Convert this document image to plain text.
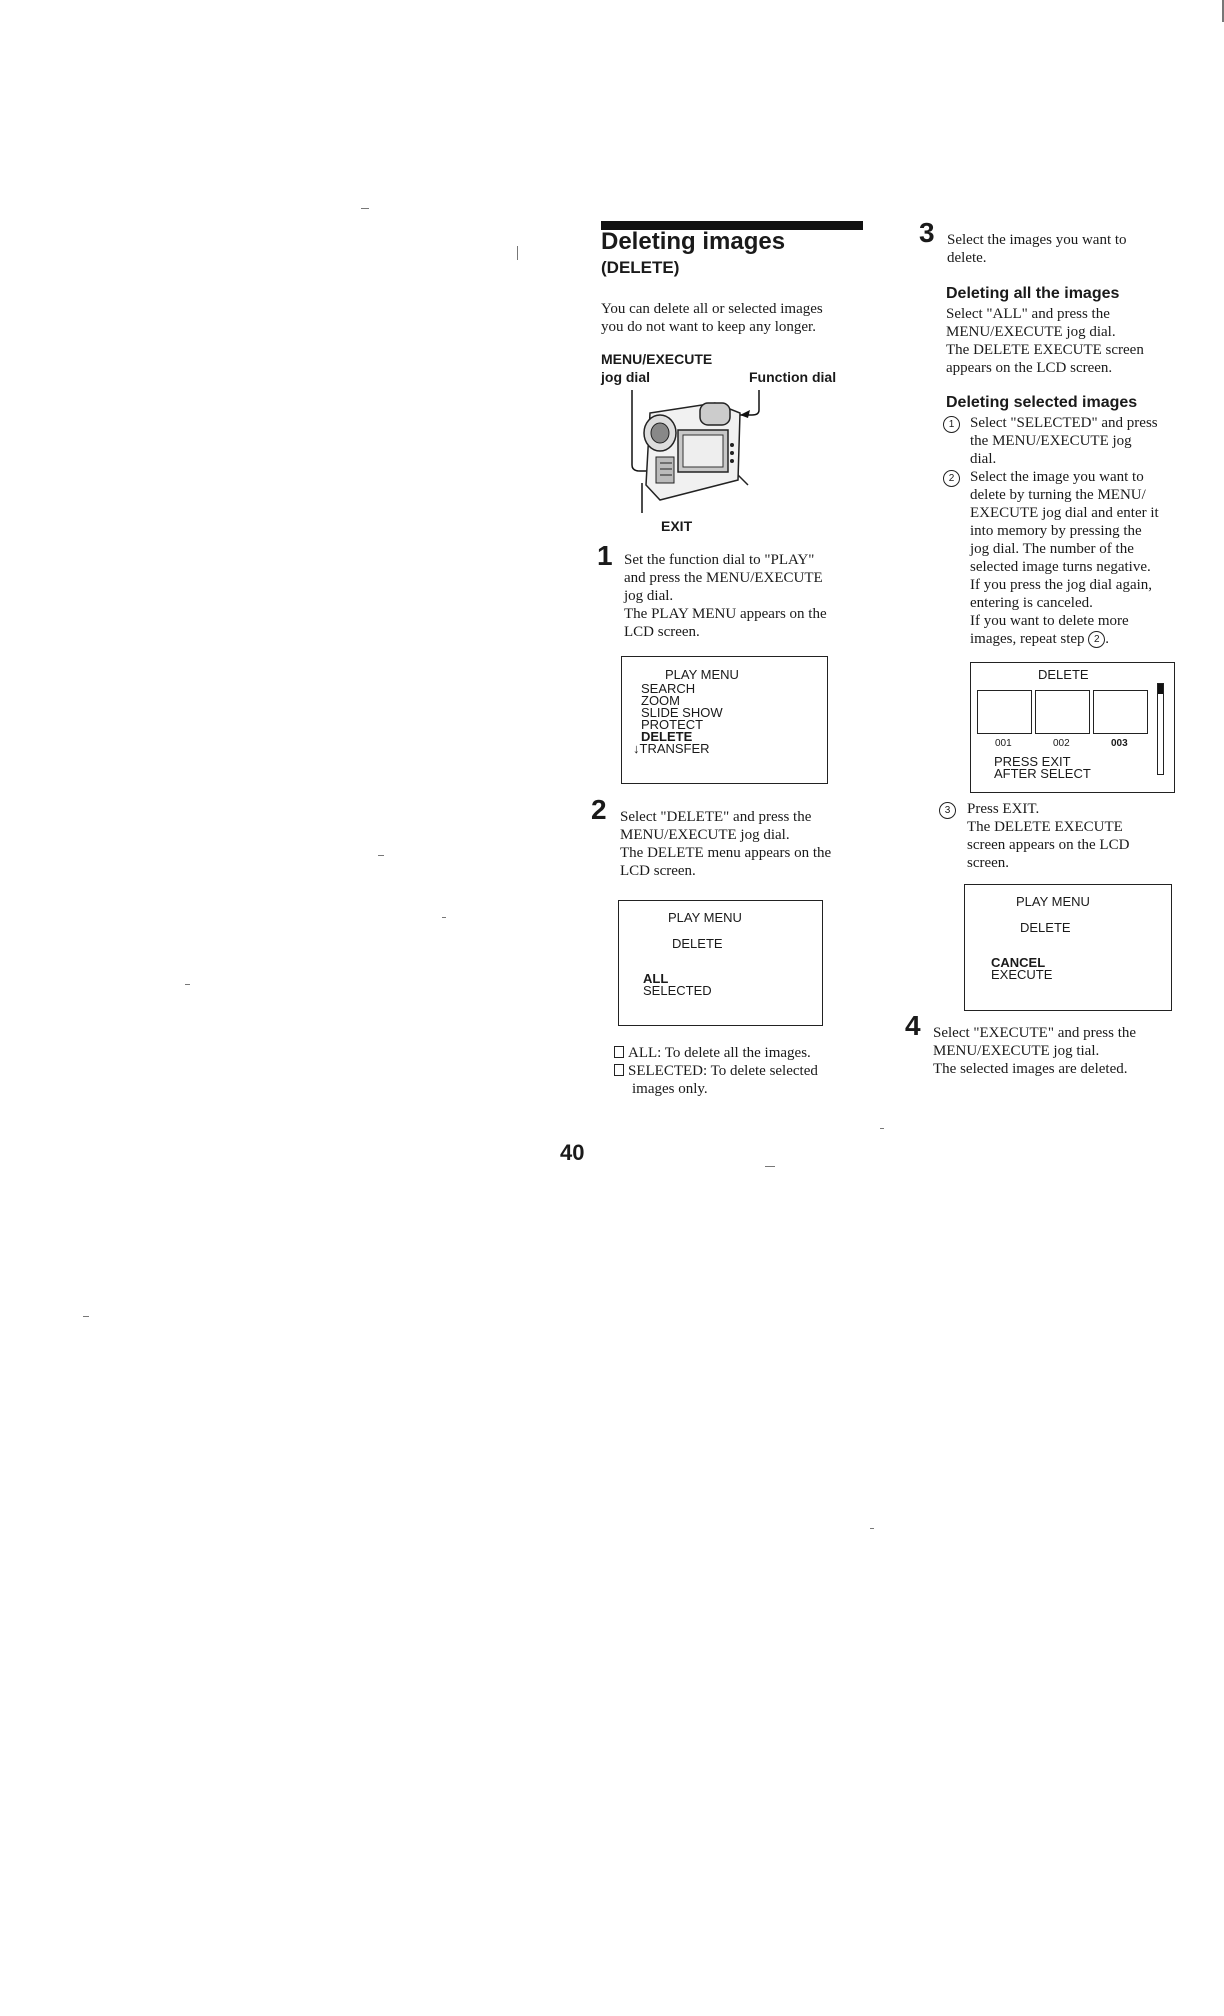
Deleting images
(DELETE)
You can delete all or selected images
you do not want to keep any longer.
MENU/EXECUTE
jog dial	Function dial
EXIT
1 Set the function dial to "PLAY"
and press the MENU/EXECUTE
jog dial.
The PLAY MENU appears on the
LCD screen.
PLAY MENU
SEARCH
ZOOM
SLIDE SHOW
PROTECT
DELETE
↓TRANSFER
2 Select "DELETE" and press the
MENU/EXECUTE jog dial.
The DELETE menu appears on the
LCD screen.
PLAY MENU
DELETE
ALL
SELECTED
ALL: To delete all the images.
SELECTED: To delete selected
images only.
40
3 Select the images you want to
delete.
Deleting all the images
Select "ALL" and press the
MENU/EXECUTE jog dial.
The DELETE EXECUTE screen
appears on the LCD screen.
Deleting selected images
1	Select "SELECTED" and press
the MENU/EXECUTE jog
dial.
2	Select the image you want to
delete by turning the MENU/
EXECUTE jog dial and enter it
into memory by pressing the
jog dial. The number of the
selected image turns negative.
If you press the jog dial again,
entering is canceled.
If you want to delete more
images, repeat step 2 .
DELETE
001	002	003
PRESS EXIT
AFTER SELECT
3	Press EXIT.
The DELETE EXECUTE
screen appears on the LCD
screen.
PLAY MENU
DELETE
CANCEL
EXECUTE
4 Select "EXECUTE" and press the
MENU/EXECUTE jog tial.
The selected images are deleted.
